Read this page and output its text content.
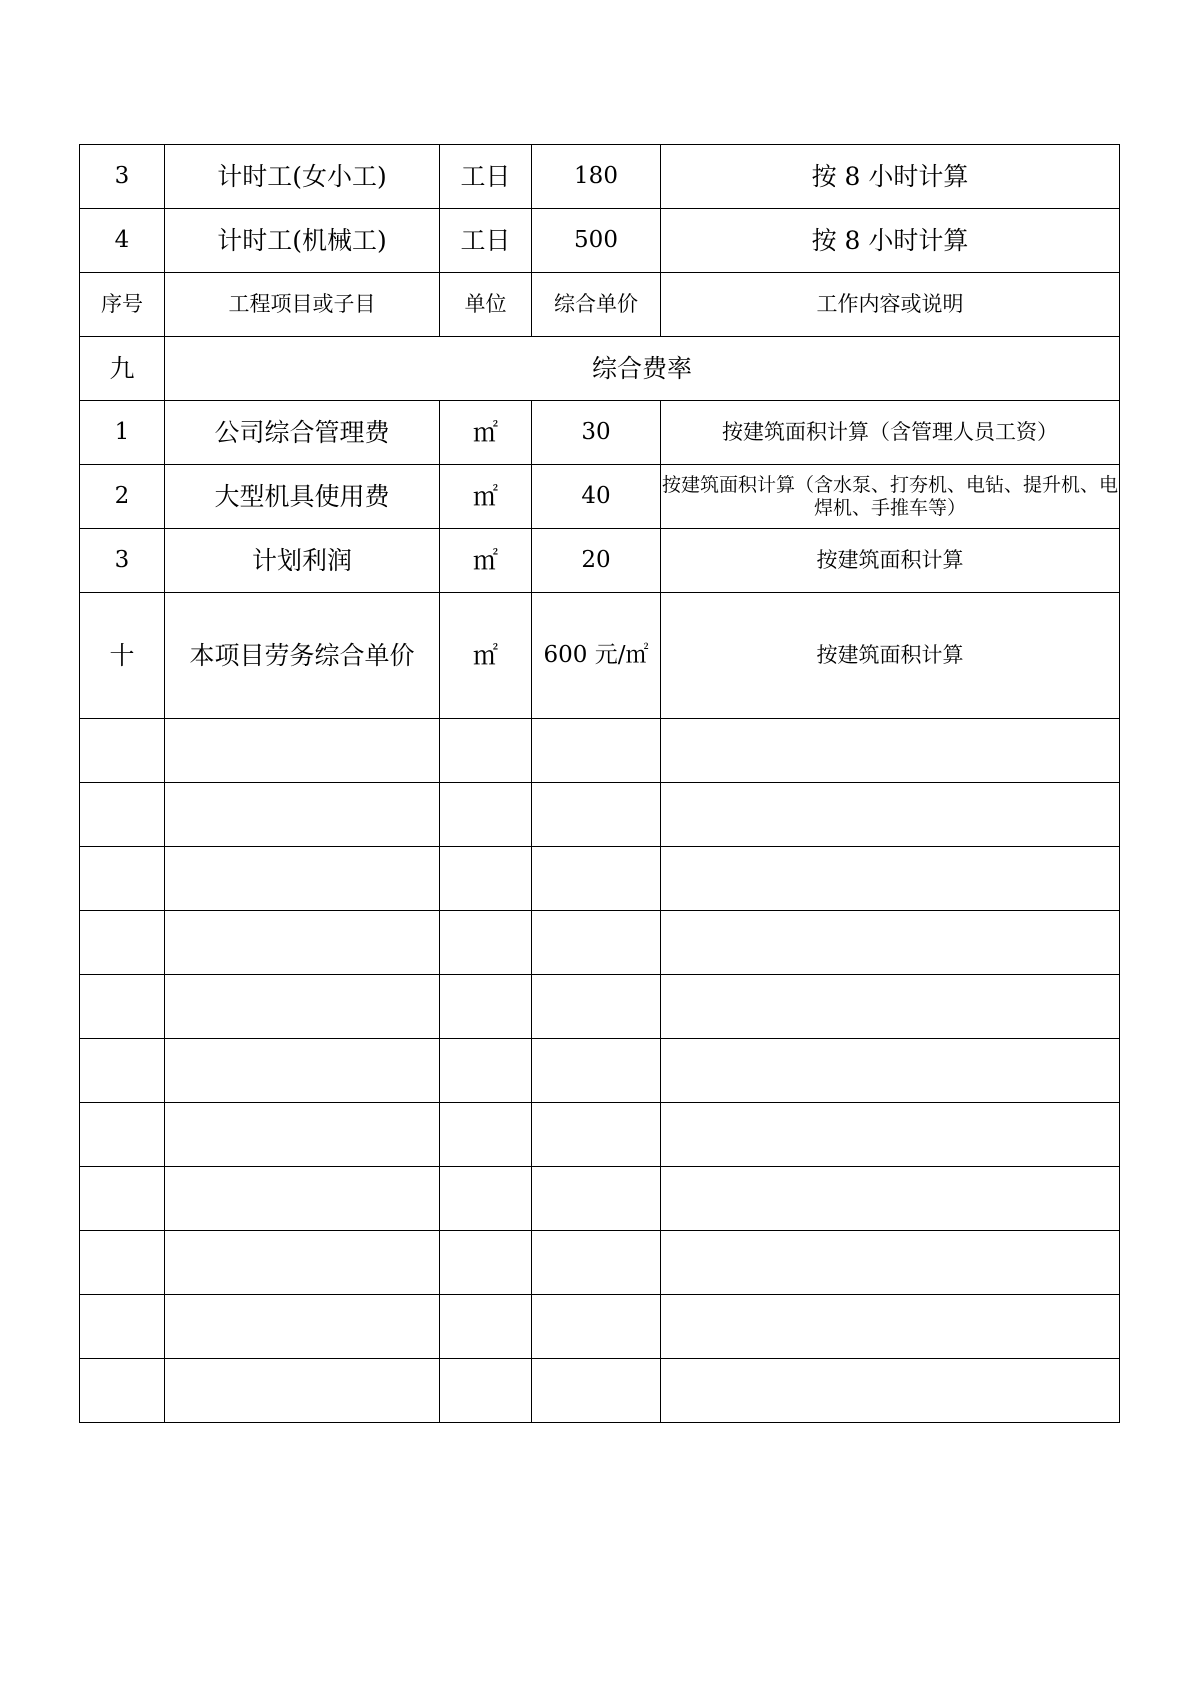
3	计时工(女小工)	工日	180	按 8 小时计算
4	计时工(机械工)	工日	500	按 8 小时计算
序号	工程项目或子目	单位	综合单价	工作内容或说明
九	综合费率			
1	公司综合管理费	㎡	30	按建筑面积计算（含管理人员工资）
2	大型机具使用费	㎡	40	按建筑面积计算（含水泵、打夯机、电钻、提升机、电焊机、手推车等）
3	计划利润	㎡	20	按建筑面积计算
十	本项目劳务综合单价	㎡	600 元/㎡	按建筑面积计算
